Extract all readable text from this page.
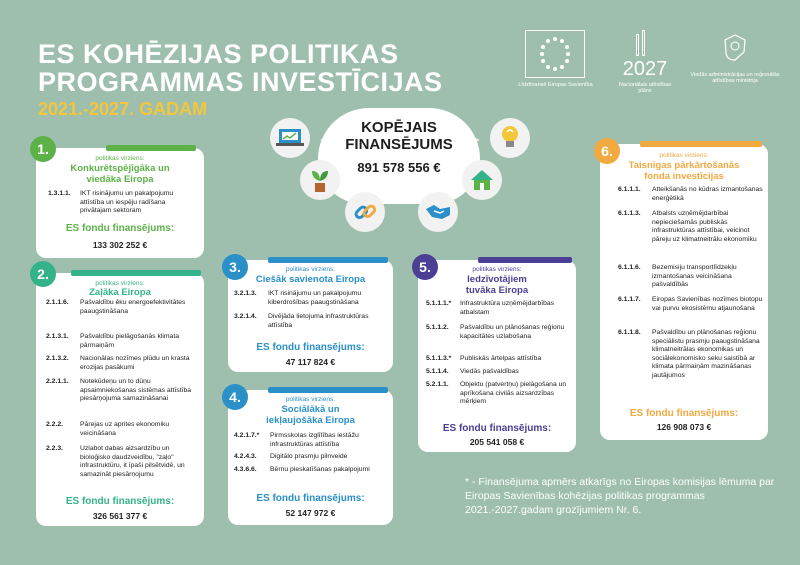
ES KOHĒZIJAS POLITIKAS
PROGRAMMAS INVESTĪCIJAS
2021.-2027. GADAM
Līdzfinansē Eiropas Savienība
2027
Nacionālais attīstības plāns
Viedās administrācijas un reģionālās attīstības ministrija
KOPĒJAIS
FINANSĒJUMS
891 578 556 €
1.
politikas virziens:
Konkurētspējīgāka un
viedāka Eiropa
1.3.1.1.	IKT risinājumu un pakalpojumu attīstība un iespēju radīšana privātajam sektoram
ES fondu finansējums:
133 302 252 €
2.
politikas virziens:
Zaļāka Eiropa
2.1.1.6.	Pašvaldību ēku energoefektivitātes paaugstināšana
2.1.3.1.	Pašvaldību pielāgošanās klimata pārmaiņām
2.1.3.2.	Nacionālas nozīmes plūdu un krasta erozijas pasākumi
2.2.1.1.	Notekūdeņu un to dūņu apsaimniekošanas sistēmas attīstība piesārņojuma samazināšanai
2.2.2.	Pārejas uz aprites ekonomiku veicināšana
2.2.3.	Uzlabot dabas aizsardzību un bioloģisko daudzveidību, "zaļo" infrastruktūru, it īpaši pilsētvidē, un samazināt piesārņojumu
ES fondu finansējums:
326 561 377 €
3.	politikas virziens:
Ciešāk savienota Eiropa
3.2.1.3.	IKT risinājumu un pakalpojumu kiberdrošības paaugstināšana
3.2.1.4.	Divējāda lietojuma infrastruktūras attīstība
ES fondu finansējums:
47 117 824 €
4.	politikas virziens:
Sociālākā un
iekļaujošāka Eiropa
4.2.1.7.*	Pirmsskolas izglītības iestāžu infrastruktūras attīstība
4.2.4.3.	Digitālo prasmju pilnveide
4.3.6.6.	Bērnu pieskatīšanas pakalpojumi
ES fondu finansējums:
52 147 972 €
5.	politikas virziens:
Iedzīvotājiem
tuvāka Eiropa
5.1.1.1.*	Infrastruktūra uzņēmējdarbības atbalstam
5.1.1.2.	Pašvaldību un plānošanas reģionu kapacitātes uzlabošana
5.1.1.3.*	Publiskās ārtelpas attīstība
5.1.1.4.	Viedās pašvaldības
5.2.1.1.	Objektu (patvertņu) pielāgošana un aprīkošana civilās aizsardzības mērķiem
ES fondu finansējums:
205 541 058 €
6.	politikas virziens:
Taisnīgas pārkārtošanās
fonda investīcijas
6.1.1.1.	Atteikšanās no kūdras izmantošanas enerģētikā
6.1.1.3.	Atbalsts uzņēmējdarbībai nepieciešamās publiskās infrastruktūras attīstībai, veicinot pāreju uz klimatneitrālu ekonomiku
6.1.1.6.	Bezemisiju transportlīdzekļu izmantošanas veicināšana pašvaldībās
6.1.1.7.	Eiropas Savienības nozīmes biotopu vai purvu ekosistēmu atjaunošana
6.1.1.8.	Pašvaldību un plānošanas reģionu speciālistu prasmju paaugstināšana klimatneitrālas ekonomikas un sociālekonomisko seku saistībā ar klimata pārmaiņām mazināšanas jautājumos
ES fondu finansējums:
126 908 073 €
* - Finansējuma apmērs atkarīgs no Eiropas komisijas lēmuma par Eiropas Savienības kohēzijas politikas programmas 2021.-2027.gadam grozījumiem Nr. 6.
